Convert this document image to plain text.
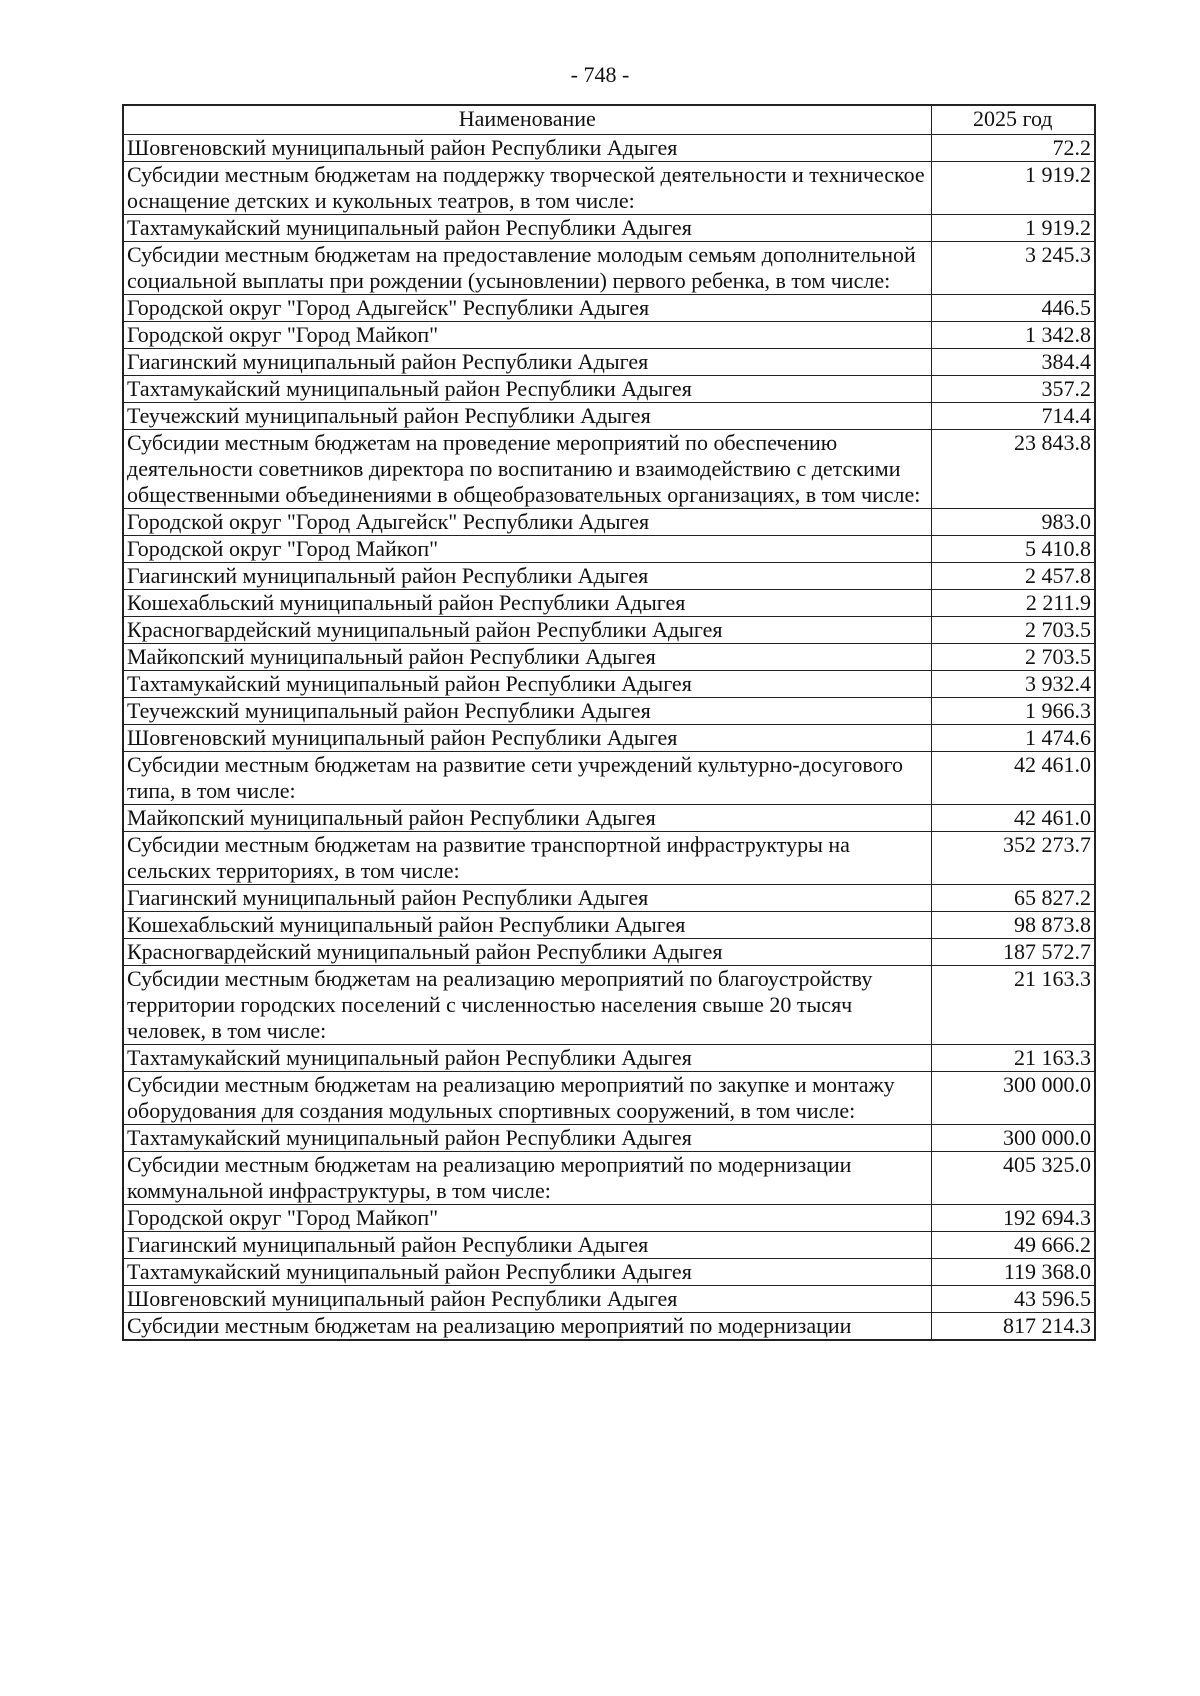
- 748 -
Наименование	2025 год
Шовгеновский муниципальный район Республики Адыгея	72.2
Субсидии местным бюджетам на поддержку творческой деятельности и техническое оснащение детских и кукольных театров, в том числе:	1 919.2
Тахтамукайский муниципальный район Республики Адыгея	1 919.2
Субсидии местным бюджетам на предоставление молодым семьям дополнительной социальной выплаты при рождении (усыновлении) первого ребенка, в том числе:	3 245.3
Городской округ "Город Адыгейск" Республики Адыгея	446.5
Городской округ "Город Майкоп"	1 342.8
Гиагинский муниципальный район Республики Адыгея	384.4
Тахтамукайский муниципальный район Республики Адыгея	357.2
Теучежский муниципальный район Республики Адыгея	714.4
Субсидии местным бюджетам на проведение мероприятий по обеспечению деятельности советников директора по воспитанию и взаимодействию с детскими общественными объединениями в общеобразовательных организациях, в том числе:	23 843.8
Городской округ "Город Адыгейск" Республики Адыгея	983.0
Городской округ "Город Майкоп"	5 410.8
Гиагинский муниципальный район Республики Адыгея	2 457.8
Кошехабльский муниципальный район Республики Адыгея	2 211.9
Красногвардейский муниципальный район Республики Адыгея	2 703.5
Майкопский муниципальный район Республики Адыгея	2 703.5
Тахтамукайский муниципальный район Республики Адыгея	3 932.4
Теучежский муниципальный район Республики Адыгея	1 966.3
Шовгеновский муниципальный район Республики Адыгея	1 474.6
Субсидии местным бюджетам на развитие сети учреждений культурно-досугового типа, в том числе:	42 461.0
Майкопский муниципальный район Республики Адыгея	42 461.0
Субсидии местным бюджетам на развитие транспортной инфраструктуры на сельских территориях, в том числе:	352 273.7
Гиагинский муниципальный район Республики Адыгея	65 827.2
Кошехабльский муниципальный район Республики Адыгея	98 873.8
Красногвардейский муниципальный район Республики Адыгея	187 572.7
Субсидии местным бюджетам на реализацию мероприятий по благоустройству территории городских поселений с численностью населения свыше 20 тысяч человек, в том числе:	21 163.3
Тахтамукайский муниципальный район Республики Адыгея	21 163.3
Субсидии местным бюджетам на реализацию мероприятий по закупке и монтажу оборудования для создания модульных спортивных сооружений, в том числе:	300 000.0
Тахтамукайский муниципальный район Республики Адыгея	300 000.0
Субсидии местным бюджетам на реализацию мероприятий по модернизации коммунальной инфраструктуры, в том числе:	405 325.0
Городской округ "Город Майкоп"	192 694.3
Гиагинский муниципальный район Республики Адыгея	49 666.2
Тахтамукайский муниципальный район Республики Адыгея	119 368.0
Шовгеновский муниципальный район Республики Адыгея	43 596.5
Субсидии местным бюджетам на реализацию мероприятий по модернизации	817 214.3
